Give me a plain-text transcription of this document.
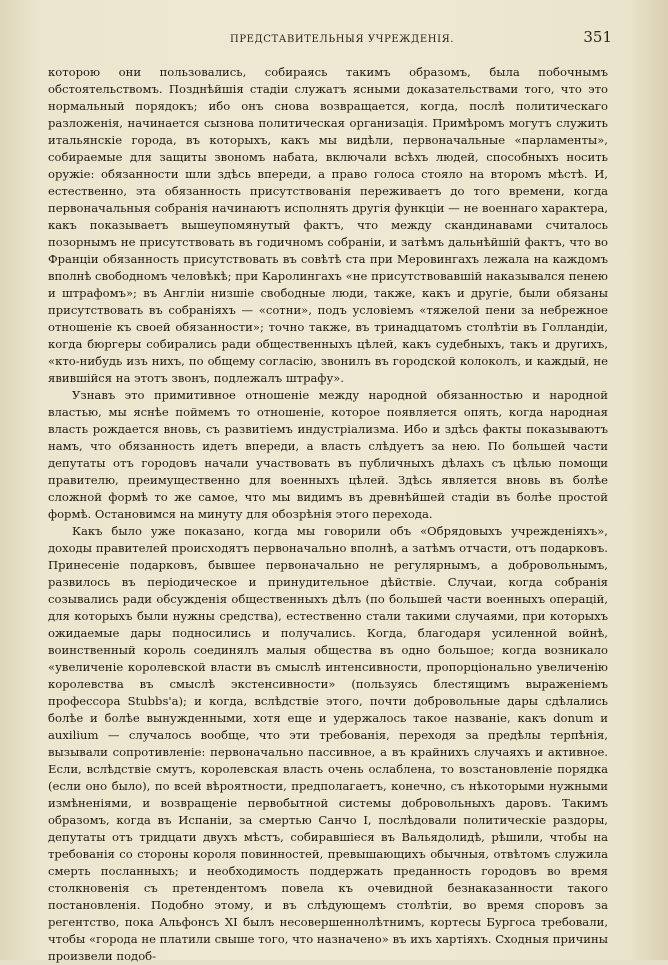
ПРЕДСТАВИТЕЛЬНЫЯ УЧРЕЖДЕНІЯ.	351

которою они пользовались, собираясь такимъ образомъ, была побочнымъ обстоятельствомъ. Позднѣйшія стадіи служатъ ясными доказательствами того, что это нормальный порядокъ; ибо онъ снова возвращается, когда, послѣ политическаго разложенія, начинается сызнова политическая организація. Примѣромъ могутъ служить итальянскіе города, въ которыхъ, какъ мы видѣли, первоначальные «парламенты», собираемые для защиты звономъ набата, включали всѣхъ людей, способныхъ носить оружіе: обязанности шли здѣсь впереди, а право голоса стояло на второмъ мѣстѣ. И, естественно, эта обязанность присутствованія переживаетъ до того времени, когда первоначальныя собранія начинаютъ исполнять другія функціи — не военнаго характера, какъ показываетъ вышеупомянутый фактъ, что между скандинавами считалось позорнымъ не присутствовать въ годичномъ собраніи, и затѣмъ дальнѣйшій фактъ, что во Франціи обязанность присутствовать въ совѣтѣ ста при Меровингахъ лежала на каждомъ вполнѣ свободномъ человѣкѣ; при Каролингахъ «не присутствовавшій наказывался пенею и штрафомъ»; въ Англіи низшіе свободные люди, также, какъ и другіе, были обязаны присутствовать въ собраніяхъ — «сотни», подъ условіемъ «тяжелой пени за небрежное отношеніе къ своей обязанности»; точно также, въ тринадцатомъ столѣтіи въ Голландіи, когда бюргеры собирались ради общественныхъ цѣлей, какъ судебныхъ, такъ и другихъ, «кто-нибудь изъ нихъ, по общему согласію, звонилъ въ городской колоколъ, и каждый, не явившійся на этотъ звонъ, подлежалъ штрафу».

Узнавъ это примитивное отношеніе между народной обязанностью и народной властью, мы яснѣе поймемъ то отношеніе, которое появляется опять, когда народная власть рождается вновь, съ развитіемъ индустріализма. Ибо и здѣсь факты показываютъ намъ, что обязанность идетъ впереди, а власть слѣдуетъ за нею. По большей части депутаты отъ городовъ начали участвовать въ публичныхъ дѣлахъ съ цѣлью помощи правителю, преимущественно для военныхъ цѣлей. Здѣсь является вновь въ болѣе сложной формѣ то же самое, что мы видимъ въ древнѣйшей стадіи въ болѣе простой формѣ. Остановимся на минуту для обозрѣнія этого перехода.

Какъ было уже показано, когда мы говорили объ «Обрядовыхъ учрежденіяхъ», доходы правителей происходятъ первоначально вполнѣ, а затѣмъ отчасти, отъ подарковъ. Принесеніе подарковъ, бывшее первоначально не регулярнымъ, а добровольнымъ, развилось въ періодическое и принудительное дѣйствіе. Случаи, когда собранія созывались ради обсужденія общественныхъ дѣлъ (по большей части военныхъ операцій, для которыхъ были нужны средства), естественно стали такими случаями, при которыхъ ожидаемые дары подносились и получались. Когда, благодаря усиленной войнѣ, воинственный король соединялъ малыя общества въ одно большое; когда возникало «увеличеніе королевской власти въ смыслѣ интенсивности, пропорціонально увеличенію королевства въ смыслѣ экстенсивности» (пользуясь блестящимъ выраженіемъ профессора Stubbs'а); и когда, вслѣдствіе этого, почти добровольные дары сдѣлались болѣе и болѣе вынужденными, хотя еще и удержалось такое названіе, какъ donum и auxilium — случалось вообще, что эти требованія, переходя за предѣлы терпѣнія, вызывали сопротивленіе: первоначально пассивное, а въ крайнихъ случаяхъ и активное. Если, вслѣдствіе смутъ, королевская власть очень ослаблена, то возстановленіе порядка (если оно было), по всей вѣроятности, предполагаетъ, конечно, съ нѣкоторыми нужными измѣненіями, и возвращеніе первобытной системы добровольныхъ даровъ. Такимъ образомъ, когда въ Испаніи, за смертью Санчо I, послѣдовали политическіе раздоры, депутаты отъ тридцати двухъ мѣстъ, собиравшіеся въ Вальядолидѣ, рѣшили, чтобы на требованія со стороны короля повинностей, превышающихъ обычныя, отвѣтомъ служила смерть посланныхъ; и необходимость поддержать преданность городовъ во время столкновенія съ претендентомъ повела къ очевидной безнаказанности такого постановленія. Подобно этому, и въ слѣдующемъ столѣтіи, во время споровъ за регентство, пока Альфонсъ XI былъ несовершеннолѣтнимъ, кортесы Бургоса требовали, чтобы «города не платили свыше того, что назначено» въ ихъ хартіяхъ. Сходныя причины произвели подоб-
